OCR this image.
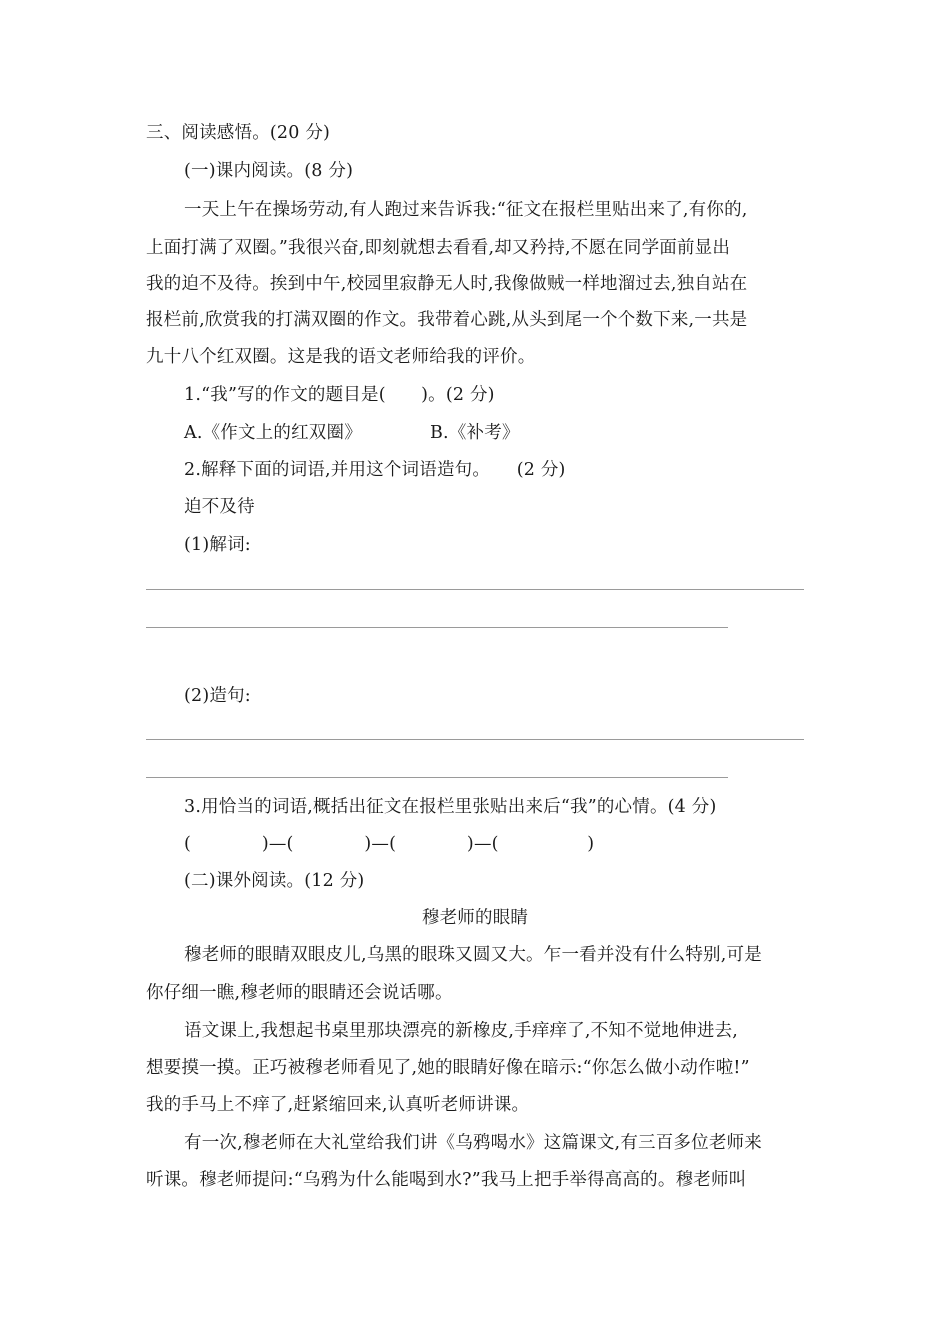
三、阅读感悟。(20 分)
(一)课内阅读。(8 分)
一天上午在操场劳动,有人跑过来告诉我:“征文在报栏里贴出来了,有你的,
上面打满了双圈。”我很兴奋,即刻就想去看看,却又矜持,不愿在同学面前显出
我的迫不及待。挨到中午,校园里寂静无人时,我像做贼一样地溜过去,独自站在
报栏前,欣赏我的打满双圈的作文。我带着心跳,从头到尾一个个数下来,一共是
九十八个红双圈。这是我的语文老师给我的评价。
1.“我”写的作文的题目是(　　)。(2 分)
A.《作文上的红双圈》	B.《补考》
2.解释下面的词语,并用这个词语造句。　　(2 分)
迫不及待
(1)解词:
(2)造句:
3.用恰当的词语,概括出征文在报栏里张贴出来后“我”的心情。(4 分)
(　　　　)—(　　　　)—(　　　　)—(　　　　　)
(二)课外阅读。(12 分)
穆老师的眼睛
穆老师的眼睛双眼皮儿,乌黑的眼珠又圆又大。乍一看并没有什么特别,可是
你仔细一瞧,穆老师的眼睛还会说话哪。
语文课上,我想起书桌里那块漂亮的新橡皮,手痒痒了,不知不觉地伸进去,
想要摸一摸。正巧被穆老师看见了,她的眼睛好像在暗示:“你怎么做小动作啦!”
我的手马上不痒了,赶紧缩回来,认真听老师讲课。
有一次,穆老师在大礼堂给我们讲《乌鸦喝水》这篇课文,有三百多位老师来
听课。穆老师提问:“乌鸦为什么能喝到水?”我马上把手举得高高的。穆老师叫
